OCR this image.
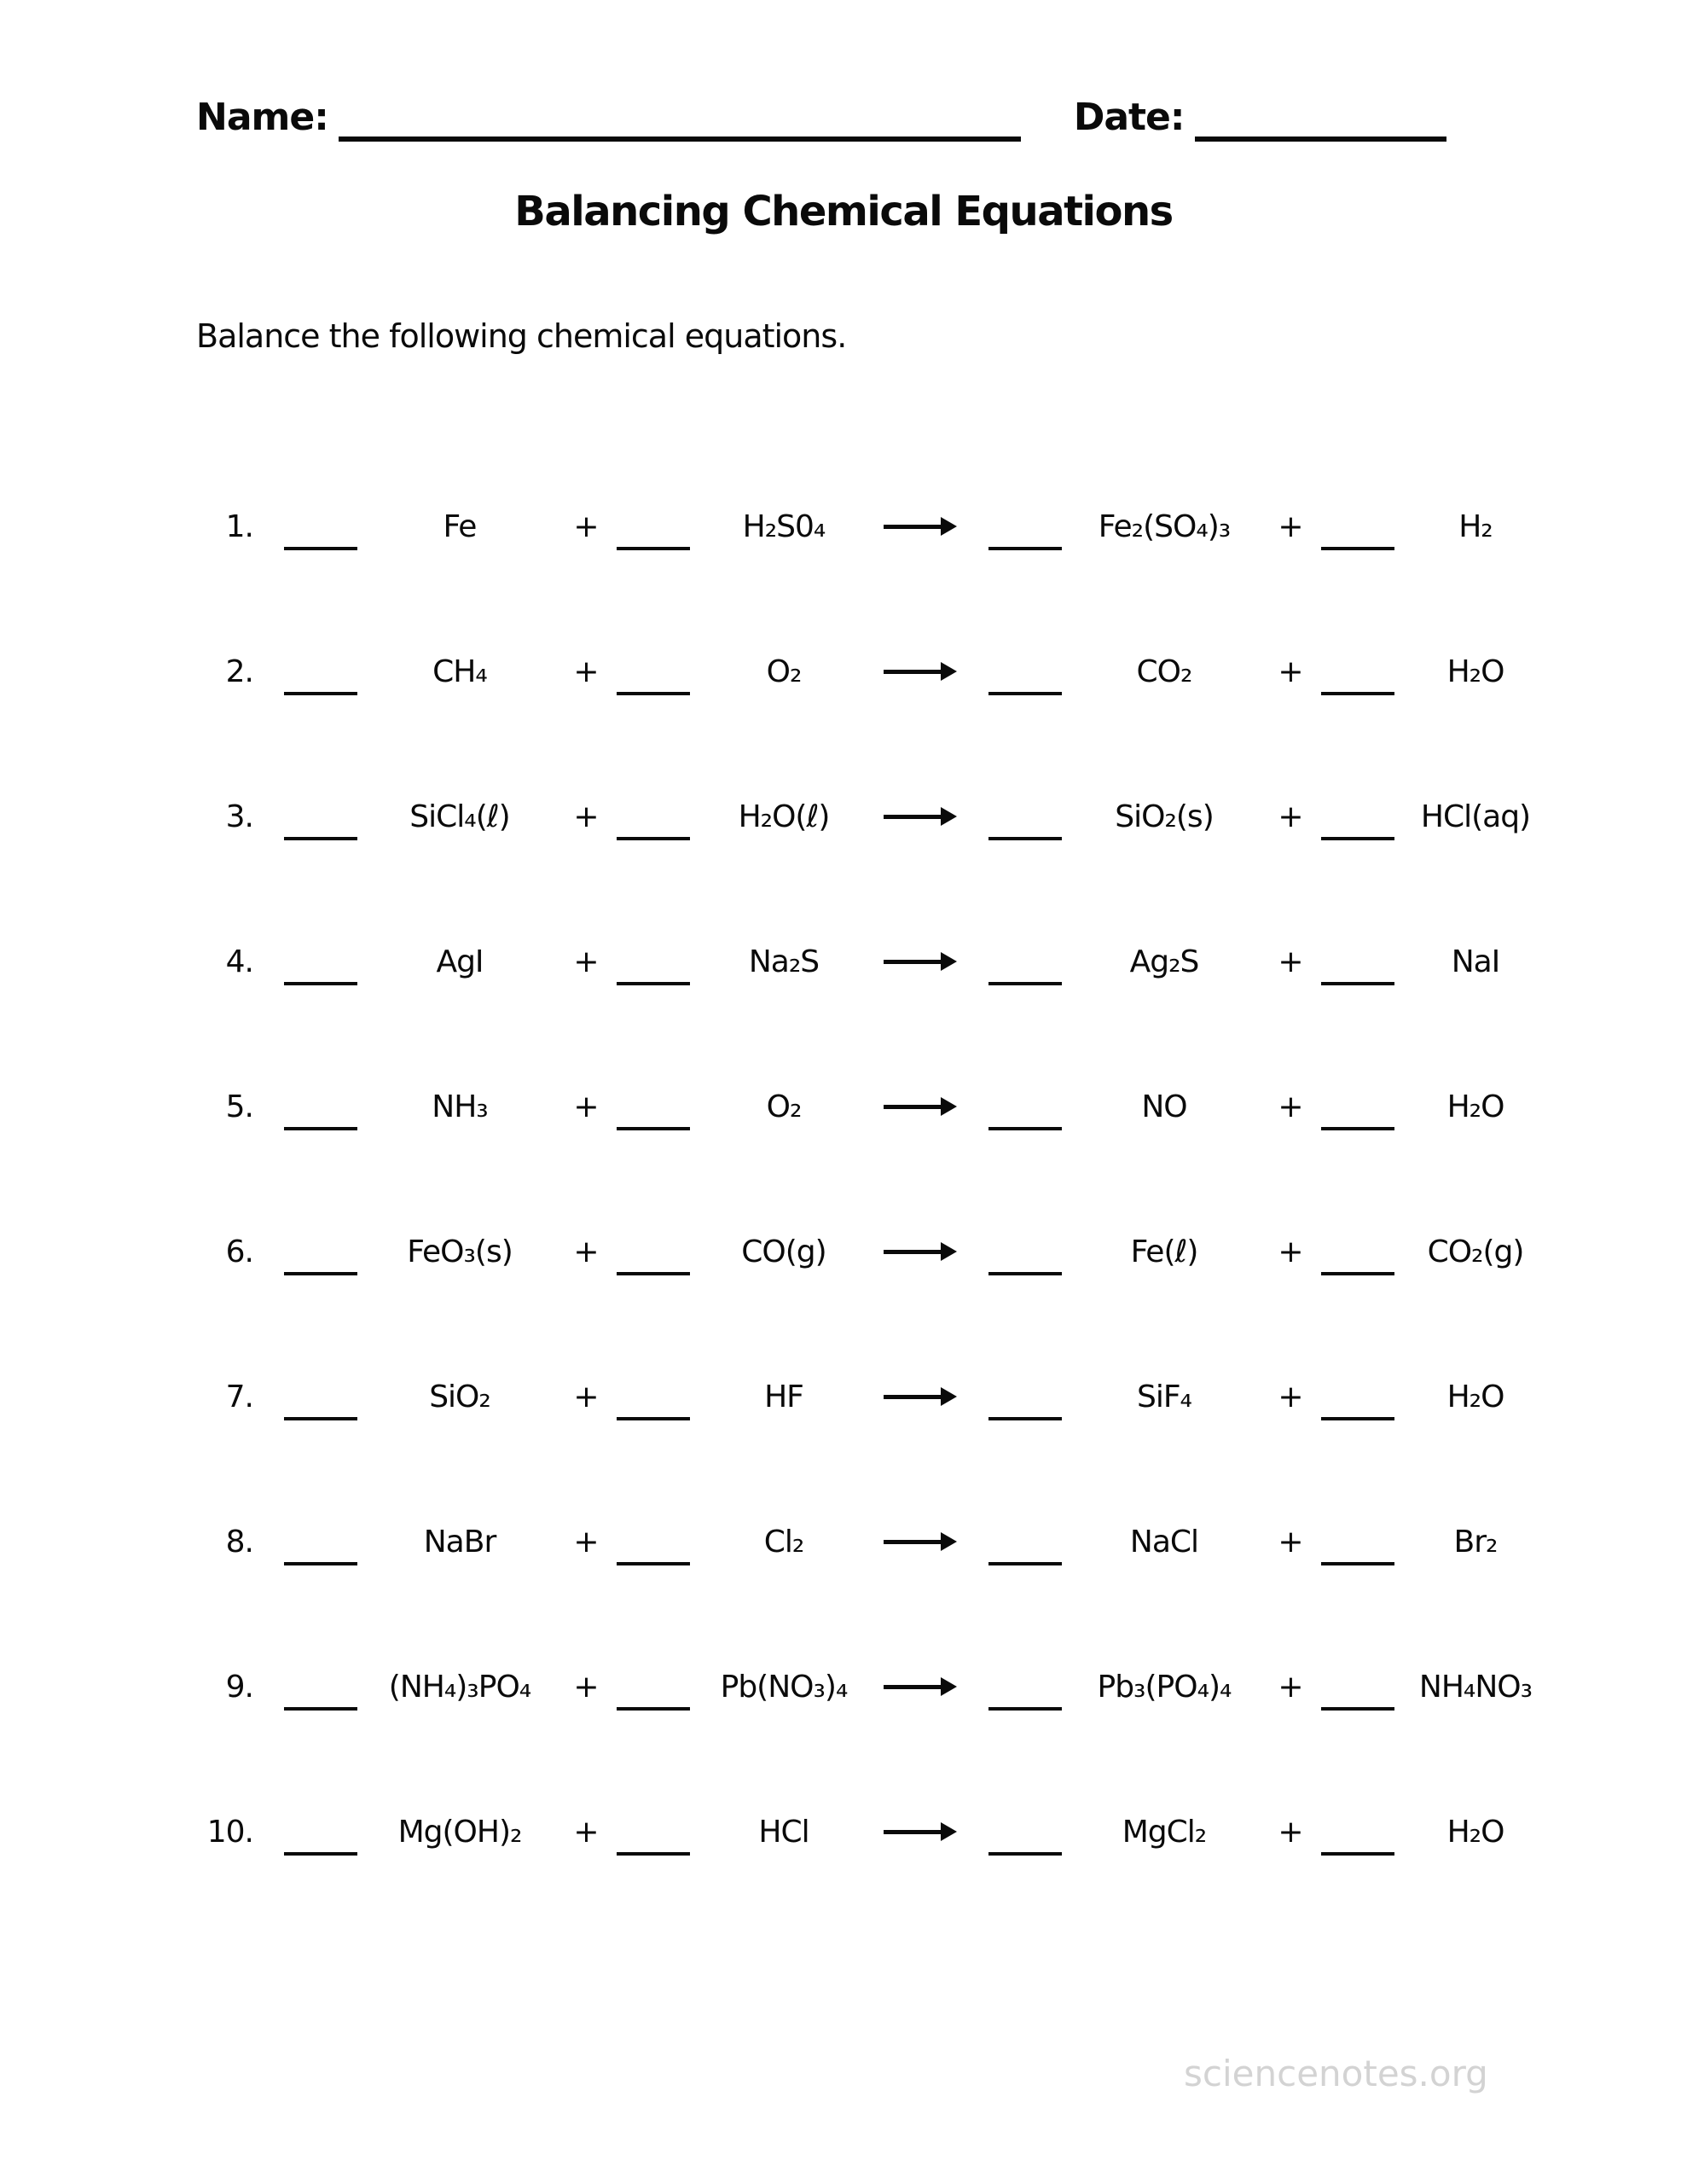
Name:	Date:
Balancing Chemical Equations
Balance the following chemical equations.
1.	Fe	+	H₂S0₄	Fe₂(SO₄)₃	+	H₂
2.	CH₄	+	O₂	CO₂	+	H₂O
3.	SiCl₄(ℓ)	+	H₂O(ℓ)	SiO₂(s)	+	HCl(aq)
4.	AgI	+	Na₂S	Ag₂S	+	NaI
5.	NH₃	+	O₂	NO	+	H₂O
6.	FeO₃(s)	+	CO(g)	Fe(ℓ)	+	CO₂(g)
7.	SiO₂	+	HF	SiF₄	+	H₂O
8.	NaBr	+	Cl₂	NaCl	+	Br₂
9.	(NH₄)₃PO₄	+	Pb(NO₃)₄	Pb₃(PO₄)₄	+	NH₄NO₃
10.	Mg(OH)₂	+	HCl	MgCl₂	+	H₂O
sciencenotes.org
